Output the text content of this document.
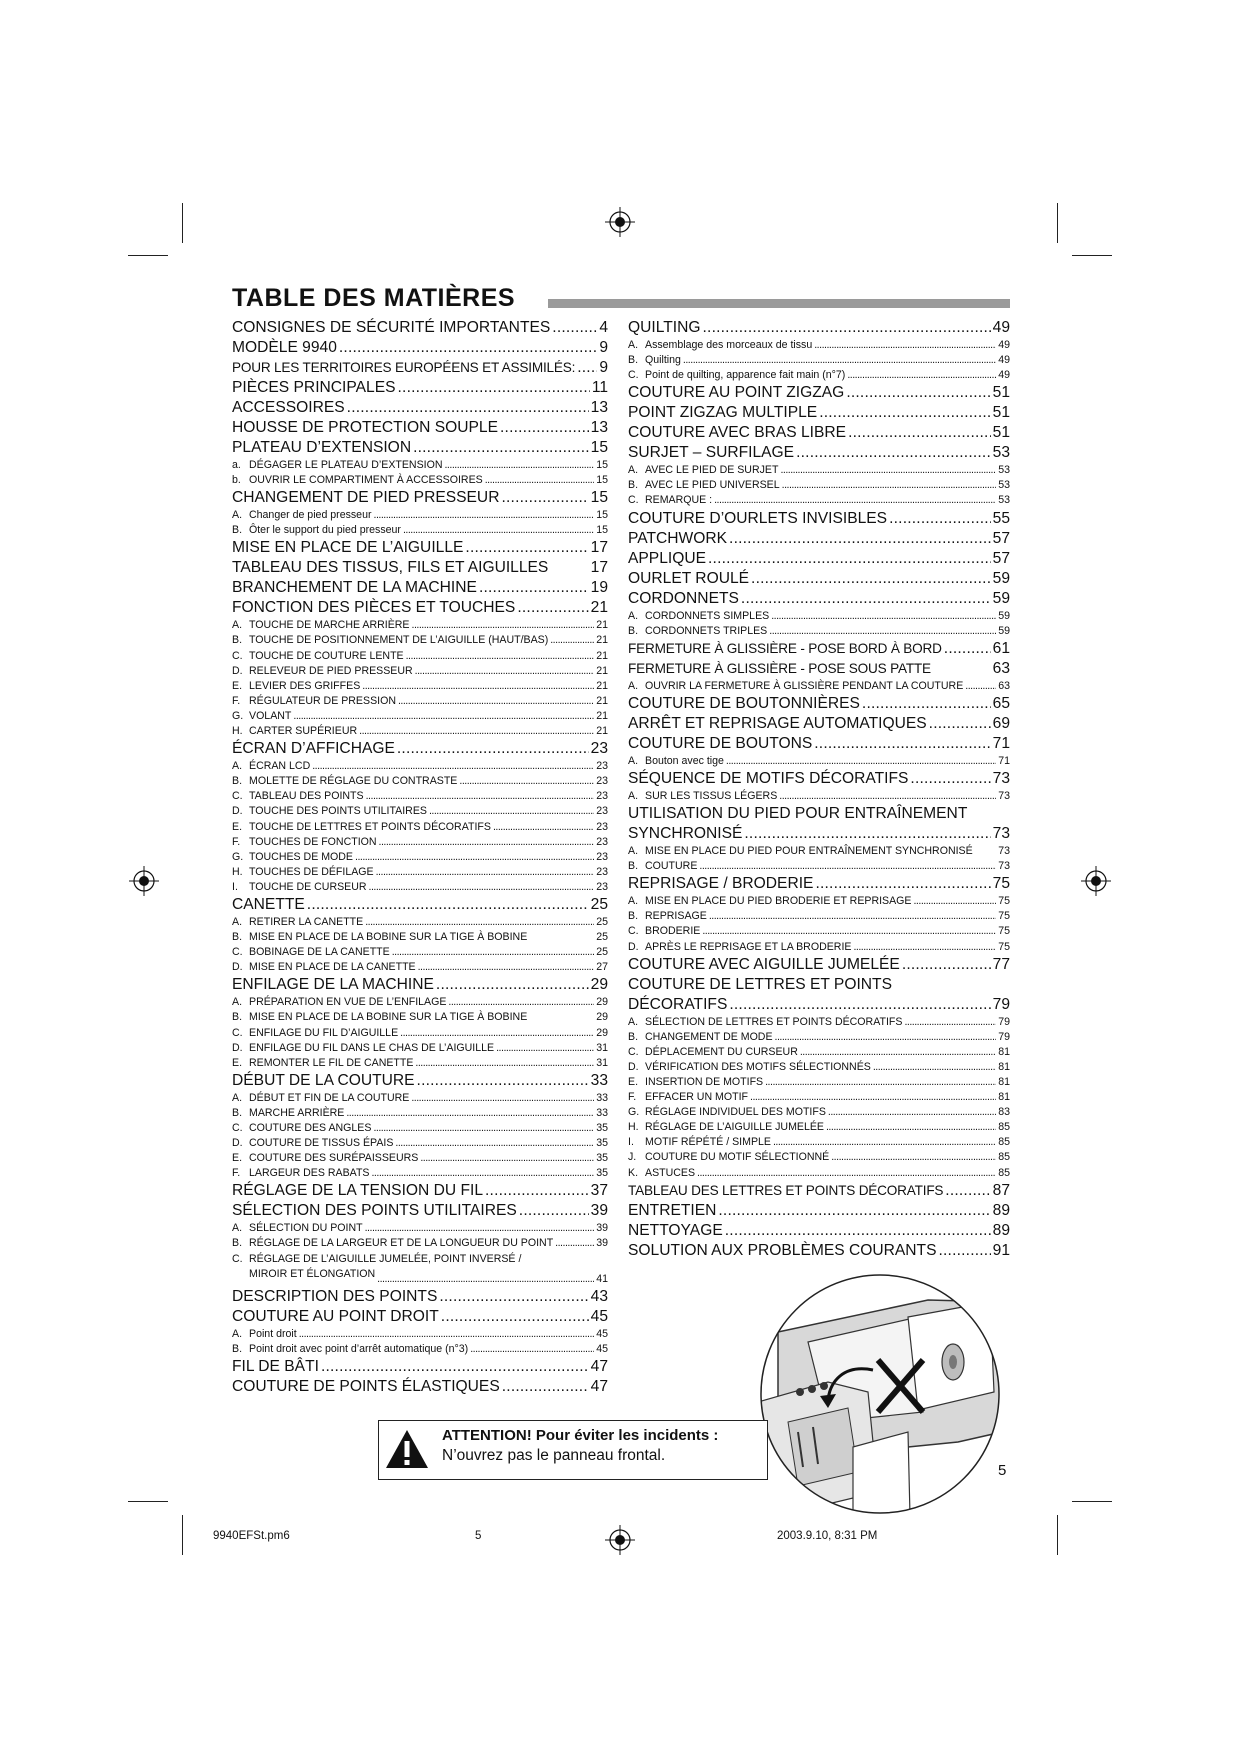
TABLE DES MATIÈRES
CONSIGNES DE SÉCURITÉ IMPORTANTES .....	4
MODÈLE 9940 .....	9
POUR LES TERRITOIRES EUROPÉENS ET ASSIMILÉS: ..... 9
PIÈCES PRINCIPALES .....	11
ACCESSOIRES .....	13
HOUSSE DE PROTECTION SOUPLE .....	13
PLATEAU D’EXTENSION .....	15
a. DÉGAGER LE PLATEAU D’EXTENSION .....	15
b. OUVRIR LE COMPARTIMENT À ACCESSOIRES .....	15
CHANGEMENT DE PIED PRESSEUR .....	15
A. Changer de pied presseur .....	15
B. Ôter le support du pied presseur .....	15
MISE EN PLACE DE L’AIGUILLE .....	17
TABLEAU DES TISSUS, FILS ET AIGUILLES	17
BRANCHEMENT DE LA MACHINE .....	19
FONCTION DES PIÈCES ET TOUCHES .....	21
A. TOUCHE DE MARCHE ARRIÈRE .....	21
B. TOUCHE DE POSITIONNEMENT DE L’AIGUILLE (HAUT/BAS) .....	21
C. TOUCHE DE COUTURE LENTE .....	21
D. RELEVEUR DE PIED PRESSEUR .....	21
E. LEVIER DES GRIFFES .....	21
F. RÉGULATEUR DE PRESSION .....	21
G. VOLANT .....	21
H. CARTER SUPÉRIEUR .....	21
ÉCRAN D’AFFICHAGE .....	23
A. ÉCRAN LCD .....	23
B. MOLETTE DE RÉGLAGE DU CONTRASTE .....	23
C. TABLEAU DES POINTS .....	23
D. TOUCHE DES POINTS UTILITAIRES .....	23
E. TOUCHE DE LETTRES ET POINTS DÉCORATIFS .....	23
F. TOUCHES DE FONCTION .....	23
G. TOUCHES DE MODE .....	23
H. TOUCHES DE DÉFILAGE .....	23
I.	TOUCHE DE CURSEUR .....	23
CANETTE .....	25
A. RETIRER LA CANETTE .....	25
B. MISE EN PLACE DE LA BOBINE SUR LA TIGE À BOBINE	25
C. BOBINAGE DE LA CANETTE .....	25
D. MISE EN PLACE DE LA CANETTE .....	27
ENFILAGE DE LA MACHINE .....	29
A. PRÉPARATION EN VUE DE L’ENFILAGE .....	29
B. MISE EN PLACE DE LA BOBINE SUR LA TIGE À BOBINE	29
C. ENFILAGE DU FIL D’AIGUILLE .....	29
D. ENFILAGE DU FIL DANS LE CHAS DE L’AIGUILLE .....	31
E. REMONTER LE FIL DE CANETTE .....	31
DÉBUT DE LA COUTURE .....	33
A. DÉBUT ET FIN DE LA COUTURE .....	33
B. MARCHE ARRIÈRE .....	33
C. COUTURE DES ANGLES .....	35
D. COUTURE DE TISSUS ÉPAIS .....	35
E. COUTURE DES SURÉPAISSEURS .....	35
F. LARGEUR DES RABATS .....	35
RÉGLAGE DE LA TENSION DU FIL .....	37
SÉLECTION DES POINTS UTILITAIRES .....	39
A. SÉLECTION DU POINT .....	39
B. RÉGLAGE DE LA LARGEUR ET DE LA LONGUEUR DU POINT .....	39
C. RÉGLAGE DE L’AIGUILLE JUMELÉE, POINT INVERSÉ /
MIROIR ET ÉLONGATION .....	41
DESCRIPTION DES POINTS .....	43
COUTURE AU POINT DROIT .....	45
A. Point droit .....	45
B. Point droit avec point d’arrêt automatique (n°3) .....	45
FIL DE BÂTI .....	47
COUTURE DE POINTS ÉLASTIQUES .....	47
QUILTING .....	49
A. Assemblage des morceaux de tissu .....	49
B. Quilting .....	49
C. Point de quilting, apparence fait main (n°7) .....	49
COUTURE AU POINT ZIGZAG .....	51
POINT ZIGZAG MULTIPLE .....	51
COUTURE AVEC BRAS LIBRE .....	51
SURJET – SURFILAGE .....	53
A. AVEC LE PIED DE SURJET .....	53
B. AVEC LE PIED UNIVERSEL .....	53
C. REMARQUE : .....	53
COUTURE D’OURLETS INVISIBLES .....	55
PATCHWORK .....	57
APPLIQUE .....	57
OURLET ROULÉ .....	59
CORDONNETS .....	59
A. CORDONNETS SIMPLES .....	59
B. CORDONNETS TRIPLES .....	59
FERMETURE À GLISSIÈRE - POSE BORD À BORD .....	61
FERMETURE À GLISSIÈRE - POSE SOUS PATTE	63
A. OUVRIR LA FERMETURE À GLISSIÈRE PENDANT LA COUTURE .....	63
COUTURE DE BOUTONNIÈRES .....	65
ARRÊT ET REPRISAGE AUTOMATIQUES .....	69
COUTURE DE BOUTONS .....	71
A. Bouton avec tige .....	71
SÉQUENCE DE MOTIFS DÉCORATIFS .....	73
A. SUR LES TISSUS LÉGERS .....	73
UTILISATION DU PIED POUR ENTRAÎNEMENT
SYNCHRONISÉ .....	73
A. MISE EN PLACE DU PIED POUR ENTRAÎNEMENT SYNCHRONISÉ 73
B. COUTURE .....	73
REPRISAGE / BRODERIE .....	75
A. MISE EN PLACE DU PIED BRODERIE ET REPRISAGE .....	75
B. REPRISAGE .....	75
C. BRODERIE .....	75
D. APRÈS LE REPRISAGE ET LA BRODERIE .....	75
COUTURE AVEC AIGUILLE JUMELÉE .....	77
COUTURE DE LETTRES ET POINTS
DÉCORATIFS .....	79
A. SÉLECTION DE LETTRES ET POINTS DÉCORATIFS .....	79
B. CHANGEMENT DE MODE .....	79
C. DÉPLACEMENT DU CURSEUR .....	81
D. VÉRIFICATION DES MOTIFS SÉLECTIONNÉS .....	81
E. INSERTION DE MOTIFS .....	81
F. EFFACER UN MOTIF .....	81
G. RÉGLAGE INDIVIDUEL DES MOTIFS .....	83
H. RÉGLAGE DE L’AIGUILLE JUMELÉE .....	85
I.	MOTIF RÉPÉTÉ / SIMPLE .....	85
J. COUTURE DU MOTIF SÉLECTIONNÉ .....	85
K. ASTUCES .....	85
TABLEAU DES LETTRES ET POINTS DÉCORATIFS .....	87
ENTRETIEN .....	89
NETTOYAGE .....	89
SOLUTION AUX PROBLÈMES COURANTS .....	91
ATTENTION! Pour éviter les incidents :
N’ouvrez pas le panneau frontal.
5
9940EFSt.pm6	5	2003.9.10, 8:31 PM
